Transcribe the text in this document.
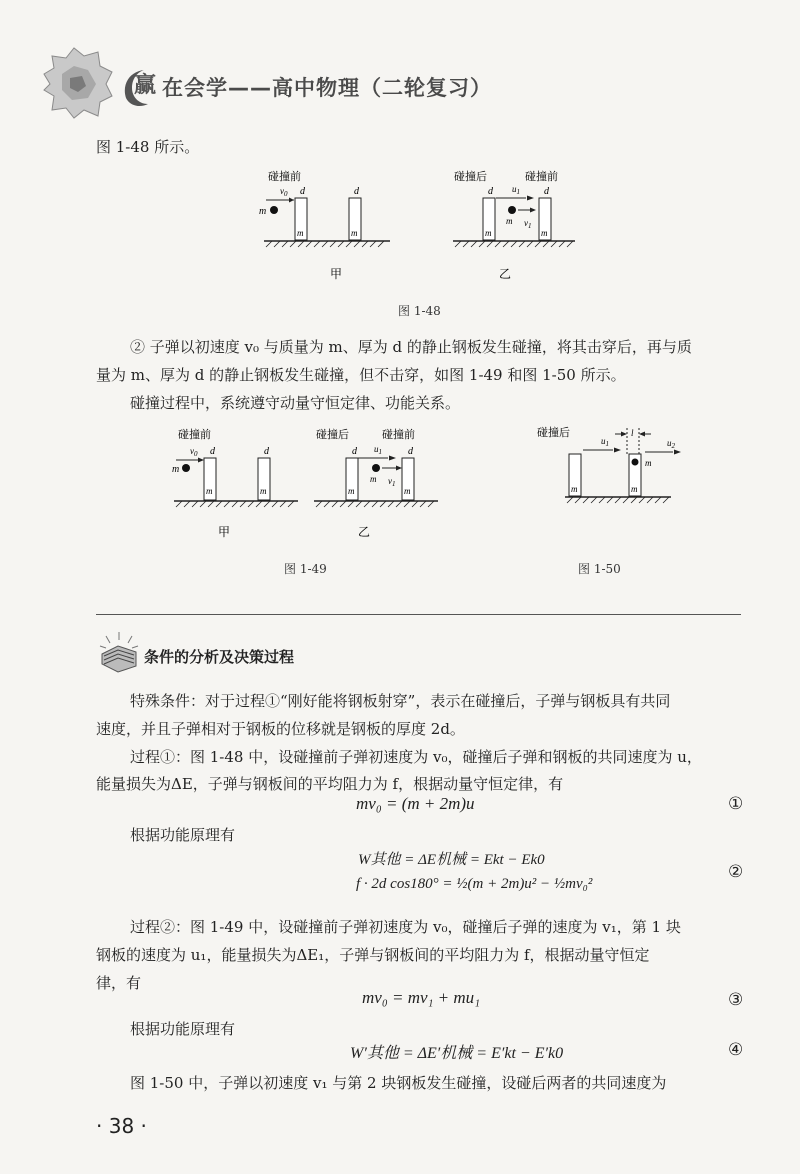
赢 在会学——高中物理（二轮复习）
图 1-48 所示。
碰撞前
$v_0$
m
d
m
d
m
甲
碰撞后	碰撞前
d
m
$u_1$
m $v_1$
d
m
乙
图 1-48
② 子弹以初速度 v₀ 与质量为 m、厚为 d 的静止钢板发生碰撞，将其击穿后，再与质
量为 m、厚为 d 的静止钢板发生碰撞，但不击穿，如图 1-49 和图 1-50 所示。
碰撞过程中，系统遵守动量守恒定律、功能关系。
碰撞前
$v_0$
m
d
m
d
m
甲
碰撞后	碰撞前
d
m
$u_1$
m $v_1$
d
m
乙
图 1-49
碰撞后
$u_1$
m
l
$u_2$
m
m
图 1-50
条件的分析及决策过程
特殊条件：对于过程①“刚好能将钢板射穿”，表示在碰撞后，子弹与钢板具有共同
速度，并且子弹相对于钢板的位移就是钢板的厚度 2d。
过程①：图 1-48 中，设碰撞前子弹初速度为 v₀，碰撞后子弹和钢板的共同速度为 u，
能量损失为ΔE，子弹与钢板间的平均阻力为 f，根据动量守恒定律，有
mv₀ = (m + 2m)u	①
根据功能原理有
W其他 = ΔE机械 = Ekt − Ek0
f · 2d cos180° = ½(m + 2m)u² − ½mv₀²
②
过程②：图 1-49 中，设碰撞前子弹初速度为 v₀，碰撞后子弹的速度为 v₁，第 1 块
钢板的速度为 u₁，能量损失为ΔE₁，子弹与钢板间的平均阻力为 f，根据动量守恒定
律，有
mv₀ = mv₁ + mu₁	③
根据功能原理有
W′其他 = ΔE′机械 = E′kt − E′k0	④
图 1-50 中，子弹以初速度 v₁ 与第 2 块钢板发生碰撞，设碰后两者的共同速度为
· 38 ·
